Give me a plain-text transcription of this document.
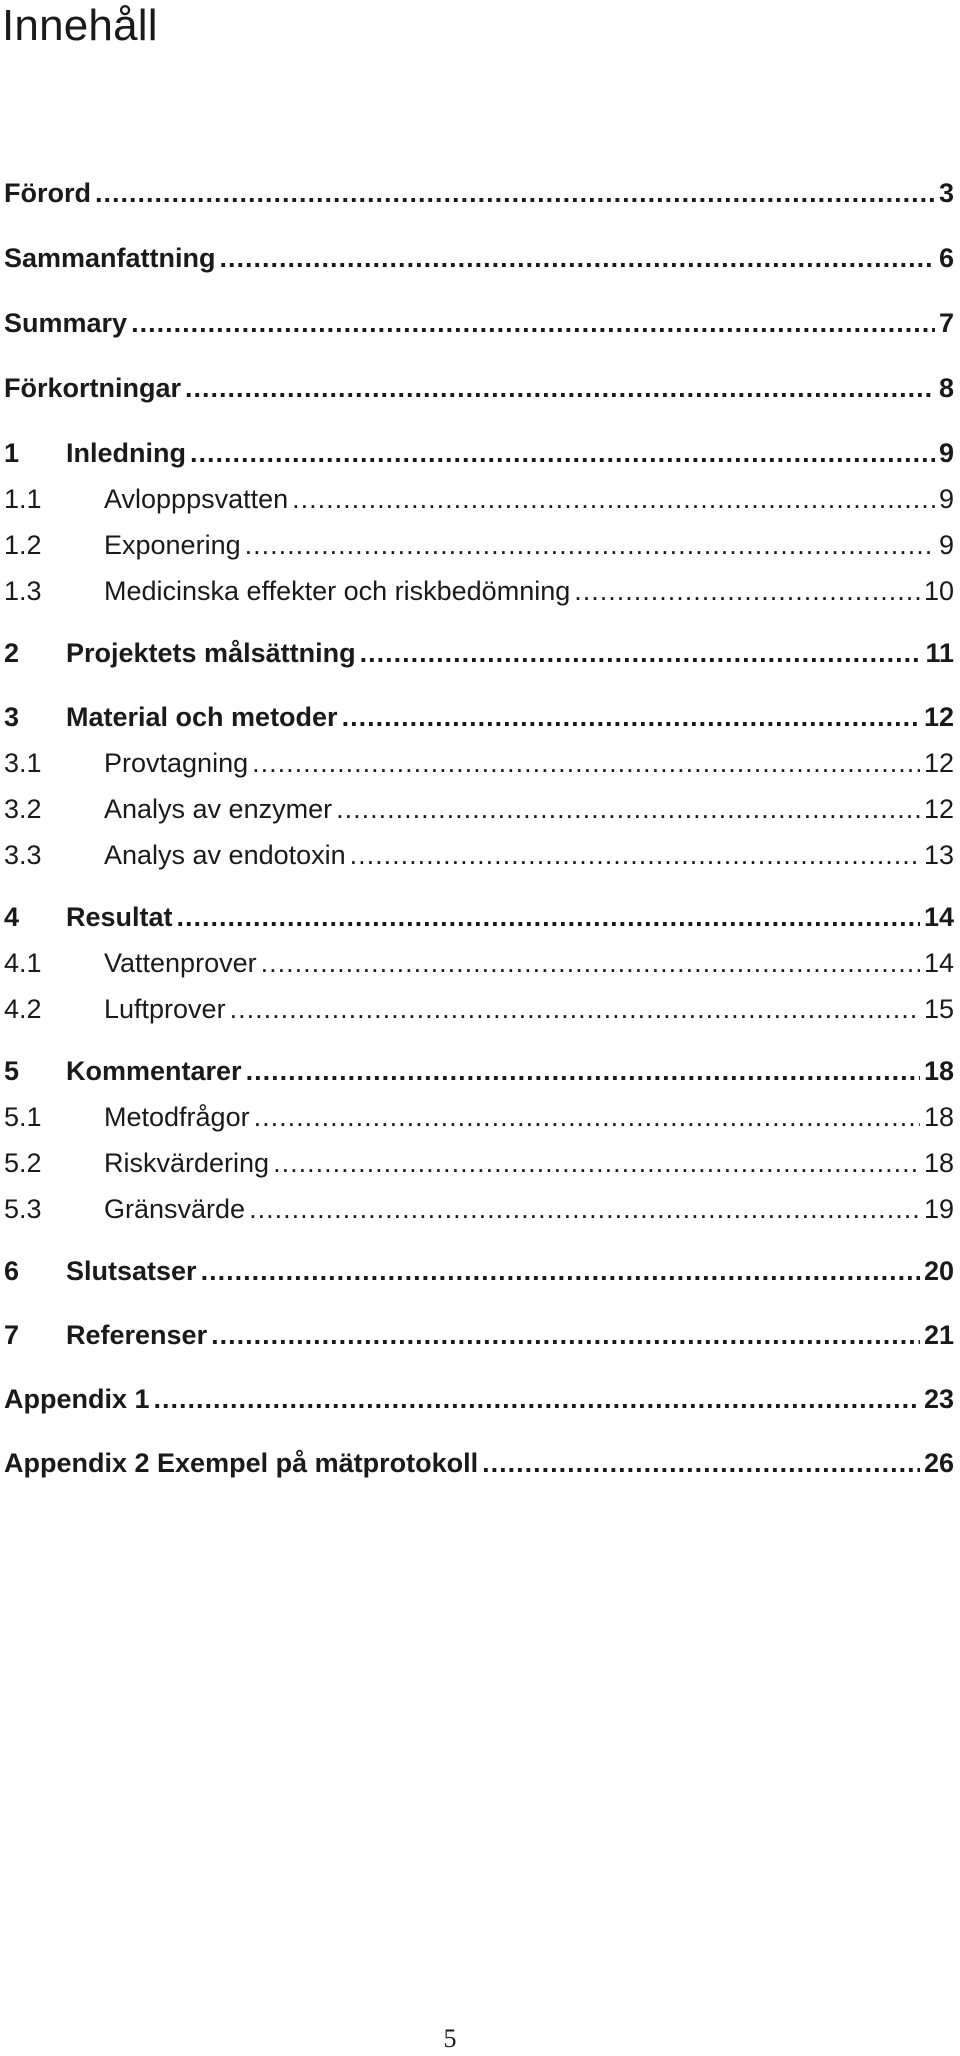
Innehåll
Förord .....	3
Sammanfattning .....	6
Summary .....	7
Förkortningar .....	8
1	Inledning .....	9
1.1	Avlopppsvatten .....	9
1.2	Exponering .....	9
1.3	Medicinska effekter och riskbedömning .....	10
2	Projektets målsättning .....	11
3	Material och metoder .....	12
3.1	Provtagning .....	12
3.2	Analys av enzymer .....	12
3.3	Analys av endotoxin .....	13
4	Resultat .....	14
4.1	Vattenprover .....	14
4.2	Luftprover .....	15
5	Kommentarer .....	18
5.1	Metodfrågor .....	18
5.2	Riskvärdering .....	18
5.3	Gränsvärde .....	19
6	Slutsatser .....	20
7	Referenser .....	21
Appendix 1 .....	23
Appendix 2 Exempel på mätprotokoll .....	26
5
